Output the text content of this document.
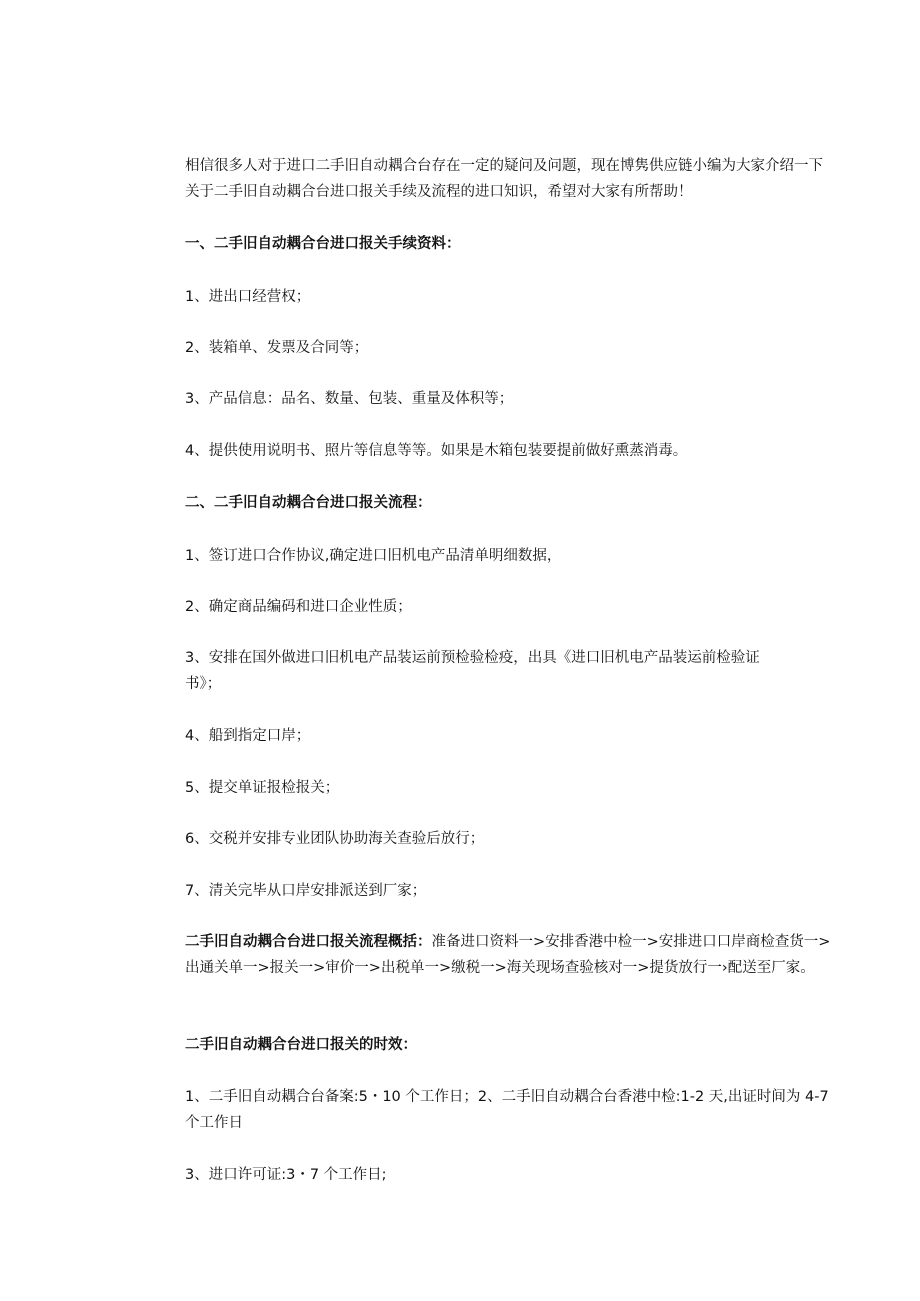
相信很多人对于进口二手旧自动耦合台存在一定的疑问及问题，现在博隽供应链小编为大家介绍一下关于二手旧自动耦合台进口报关手续及流程的进口知识，希望对大家有所帮助！

一、二手旧自动耦合台进口报关手续资料：

1、进出口经营权；

2、装箱单、发票及合同等；

3、产品信息：品名、数量、包装、重量及体积等；

4、提供使用说明书、照片等信息等等。如果是木箱包装要提前做好熏蒸消毒。

二、二手旧自动耦合台进口报关流程：

1、签订进口合作协议,确定进口旧机电产品清单明细数据，

2、确定商品编码和进口企业性质；

3、安排在国外做进口旧机电产品装运前预检验检疫，出具《进口旧机电产品装运前检验证书》；

4、船到指定口岸；

5、提交单证报检报关；

6、交税并安排专业团队协助海关查验后放行；

7、清关完毕从口岸安排派送到厂家；

二手旧自动耦合台进口报关流程概括：准备进口资料一>安排香港中检一>安排进口口岸商检查货一>出通关单一>报关一>审价一>出税单一>缴税一>海关现场查验核对一>提货放行一›配送至厂家。

二手旧自动耦合台进口报关的时效：

1、二手旧自动耦合台备案:5・10 个工作日；2、二手旧自动耦合台香港中检:1-2 天,出证时间为 4-7 个工作日

3、进口许可证:3・7 个工作日;
